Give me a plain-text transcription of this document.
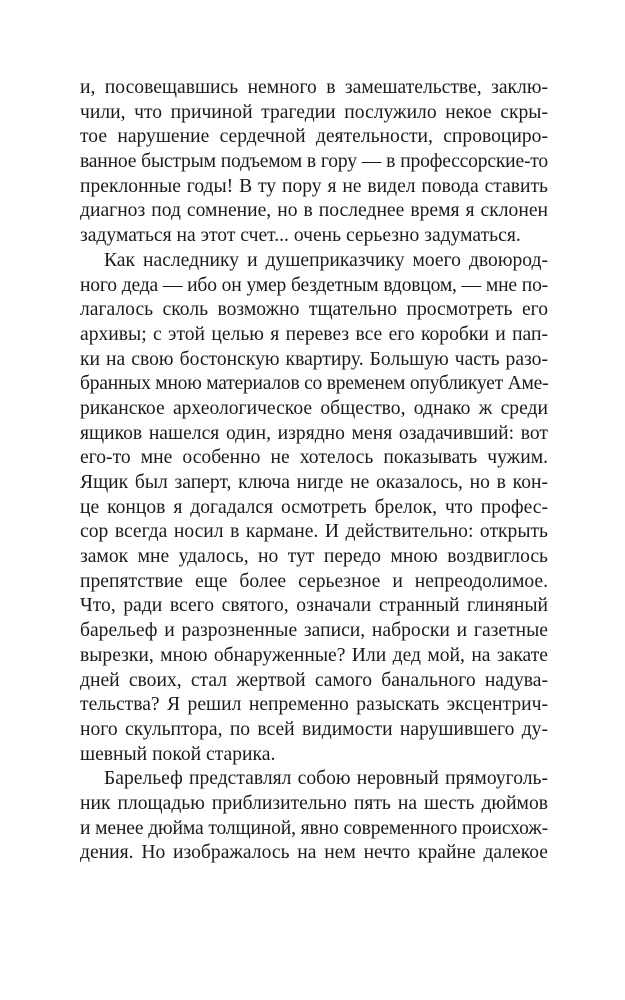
и, посовещавшись немного в замешательстве, заклю-
чили, что причиной трагедии послужило некое скры-
тое нарушение сердечной деятельности, спровоциро-
ванное быстрым подъемом в гору — в профессорские-то
преклонные годы! В ту пору я не видел повода ставить
диагноз под сомнение, но в последнее время я склонен
задуматься на этот счет... очень серьезно задуматься.
Как наследнику и душеприказчику моего двоюрод-
ного деда — ибо он умер бездетным вдовцом, — мне по-
лагалось сколь возможно тщательно просмотреть его
архивы; с этой целью я перевез все его коробки и пап-
ки на свою бостонскую квартиру. Большую часть разо-
бранных мною материалов со временем опубликует Аме-
риканское археологическое общество, однако ж среди
ящиков нашелся один, изрядно меня озадачивший: вот
его-то мне особенно не хотелось показывать чужим.
Ящик был заперт, ключа нигде не оказалось, но в кон-
це концов я догадался осмотреть брелок, что профес-
сор всегда носил в кармане. И действительно: открыть
замок мне удалось, но тут передо мною воздвиглось
препятствие еще более серьезное и непреодолимое.
Что, ради всего святого, означали странный глиняный
барельеф и разрозненные записи, наброски и газетные
вырезки, мною обнаруженные? Или дед мой, на закате
дней своих, стал жертвой самого банального надува-
тельства? Я решил непременно разыскать эксцентрич-
ного скульптора, по всей видимости нарушившего ду-
шевный покой старика.
Барельеф представлял собою неровный прямоуголь-
ник площадью приблизительно пять на шесть дюймов
и менее дюйма толщиной, явно современного происхож-
дения. Но изображалось на нем нечто крайне далекое
